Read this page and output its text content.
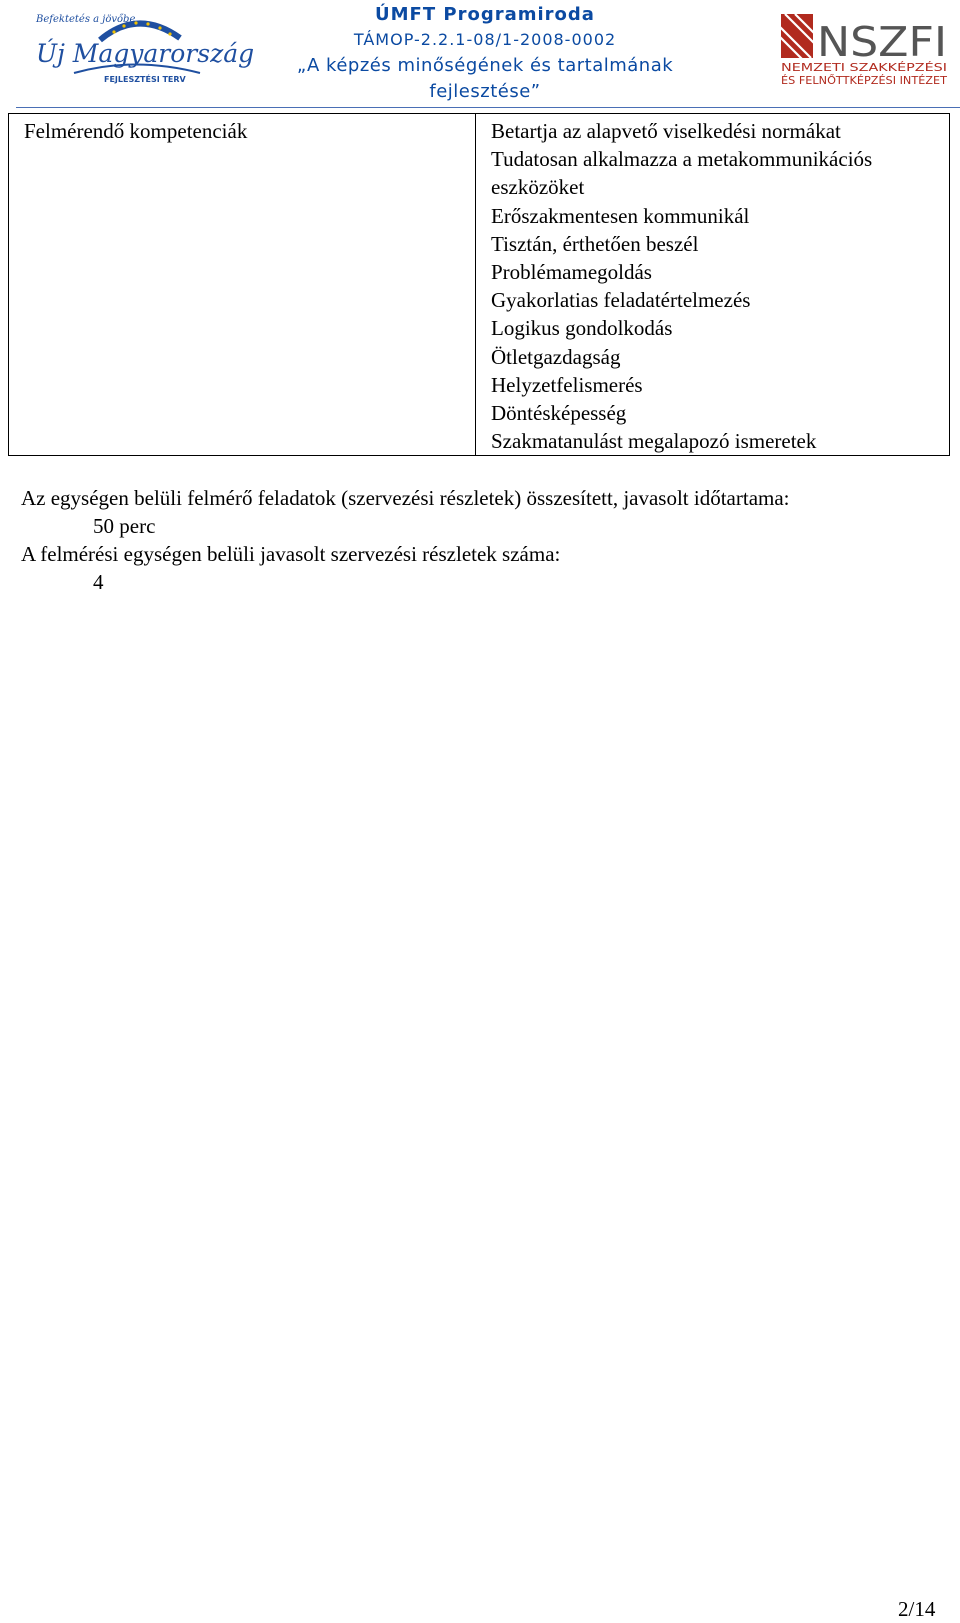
Befektetés a jövőbe
Új Magyarország
FEJLESZTÉSI TERV
ÚMFT Programiroda
TÁMOP-2.2.1-08/1-2008-0002
„A képzés minőségének és tartalmának
fejlesztése”
NSZFI
NEMZETI SZAKKÉPZÉSI
ÉS FELNŐTTKÉPZÉSI INTÉZET
Felmérendő kompetenciák	Betartja az alapvető viselkedési normákat
Tudatosan alkalmazza a metakommunikációs
eszközöket
Erőszakmentesen kommunikál
Tisztán, érthetően beszél
Problémamegoldás
Gyakorlatias feladatértelmezés
Logikus gondolkodás
Ötletgazdagság
Helyzetfelismerés
Döntésképesség
Szakmatanulást megalapozó ismeretek
Az egységen belüli felmérő feladatok (szervezési részletek) összesített, javasolt időtartama:
50 perc
A felmérési egységen belüli javasolt szervezési részletek száma:
4
2/14
